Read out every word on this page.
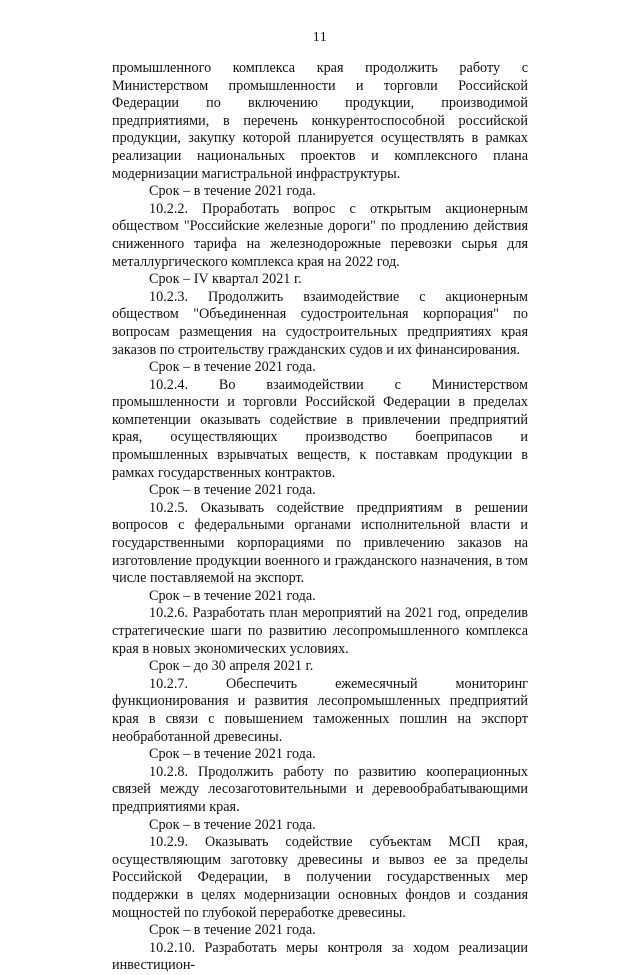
11

промышленного комплекса края продолжить работу с Министерством промышленности и торговли Российской Федерации по включению продукции, производимой предприятиями, в перечень конкурентоспособной российской продукции, закупку которой планируется осуществлять в рамках реализации национальных проектов и комплексного плана модернизации магистральной инфраструктуры.

Срок – в течение 2021 года.

10.2.2. Проработать вопрос с открытым акционерным обществом "Российские железные дороги" по продлению действия сниженного тарифа на железнодорожные перевозки сырья для металлургического комплекса края на 2022 год.

Срок – IV квартал 2021 г.

10.2.3. Продолжить взаимодействие с акционерным обществом "Объединенная судостроительная корпорация" по вопросам размещения на судостроительных предприятиях края заказов по строительству гражданских судов и их финансирования.

Срок – в течение 2021 года.

10.2.4. Во взаимодействии с Министерством промышленности и торговли Российской Федерации в пределах компетенции оказывать содействие в привлечении предприятий края, осуществляющих производство боеприпасов и промышленных взрывчатых веществ, к поставкам продукции в рамках государственных контрактов.

Срок – в течение 2021 года.

10.2.5. Оказывать содействие предприятиям в решении вопросов с федеральными органами исполнительной власти и государственными корпорациями по привлечению заказов на изготовление продукции военного и гражданского назначения, в том числе поставляемой на экспорт.

Срок – в течение 2021 года.

10.2.6. Разработать план мероприятий на 2021 год, определив стратегические шаги по развитию лесопромышленного комплекса края в новых экономических условиях.

Срок – до 30 апреля 2021 г.

10.2.7. Обеспечить ежемесячный мониторинг функционирования и развития лесопромышленных предприятий края в связи с повышением таможенных пошлин на экспорт необработанной древесины.

Срок – в течение 2021 года.

10.2.8. Продолжить работу по развитию кооперационных связей между лесозаготовительными и деревообрабатывающими предприятиями края.

Срок – в течение 2021 года.

10.2.9. Оказывать содействие субъектам МСП края, осуществляющим заготовку древесины и вывоз ее за пределы Российской Федерации, в получении государственных мер поддержки в целях модернизации основных фондов и создания мощностей по глубокой переработке древесины.

Срок – в течение 2021 года.

10.2.10. Разработать меры контроля за ходом реализации инвестицион-
